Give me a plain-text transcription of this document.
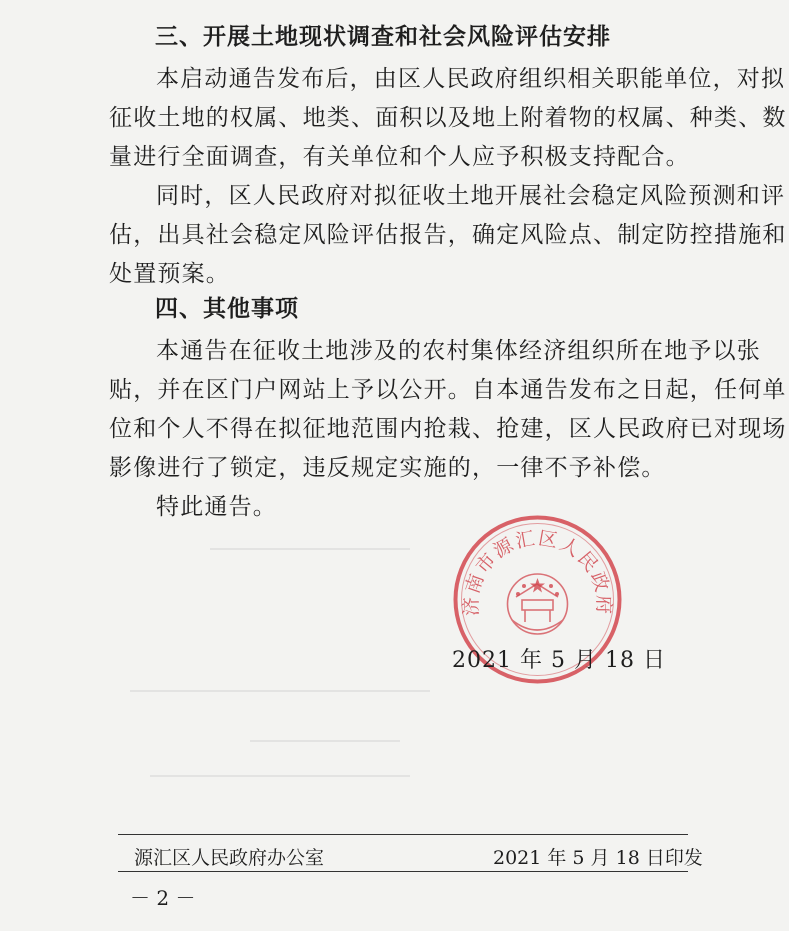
三、开展土地现状调查和社会风险评估安排
本启动通告发布后，由区人民政府组织相关职能单位，对拟
征收土地的权属、地类、面积以及地上附着物的权属、种类、数
量进行全面调查，有关单位和个人应予积极支持配合。
同时，区人民政府对拟征收土地开展社会稳定风险预测和评
估，出具社会稳定风险评估报告，确定风险点、制定防控措施和
处置预案。
四、其他事项
本通告在征收土地涉及的农村集体经济组织所在地予以张
贴，并在区门户网站上予以公开。自本通告发布之日起，任何单
位和个人不得在拟征地范围内抢栽、抢建，区人民政府已对现场
影像进行了锁定，违反规定实施的，一律不予补偿。
特此通告。
济南市源汇区人民政府
2021 年 5 月 18 日
源汇区人民政府办公室	2021 年 5 月 18 日印发
－ 2 －
